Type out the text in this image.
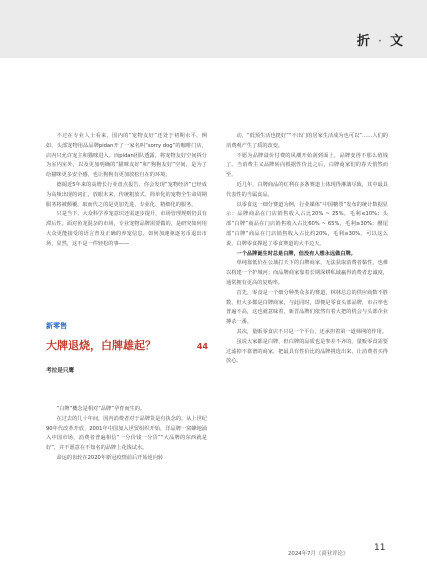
折 · 文

不过在专业人士看来，国内的“宠物友好”还处于初期水平。例如，头部宠物用品品牌pidan开了一家名叫“sorry dog”的咖啡门店，店内只允许宠主和猫咪进入。而pidan团队透露，将宠物友好空间拆分为室内室外，以及更加明确的“猫咪友好”和“狗狗友好”空间，是为了给猫咪更多安全感，也让狗狗有更加放松自在的环境。

德阔近5年来的高增长行业盘点报告，你会发现“宠物经济”已经成为高频出现的词汇，放眼未来，传统粗放式、简单化的宠物全生命周期服务将被颠覆，取而代之的是更加先进、专业化、精细化的服务。

只是当下，大众科学养宠意识还需逐步提升，市场管理规则仍具有滞后性。面对鱼龙混杂的市场，专业宠物品牌需要做的，是研究如何用大众更能接受的语言普及正确的养宠信息，如何加速驱逐劣币退出市场，显然，这不是一件轻松的事——

新零售
大牌退烧，白牌雄起？	44
考拉是只鹰

“白牌”概念是相对“品牌”孕育而生的。

在过去的几十年间，国内消费者对于品牌货是有执念的。从上世纪90年代改革开放、2001年中国加入世贸组织开始，洋品牌一窝蜂地涌入中国市场，消费者普遍相信“一分价钱一分货”“大品牌的东西就是好”，并不愿意在不知名的品牌上花钱试水。

命运的齿轮在2020年新冠疫情前后开始逆向转

动，“低预生活也挺好”“不出门的居家生活成为也可以”……人们的消费观产生了质的改变。

不愿为品牌溢价付费的风潮开始刮到面上，品牌变得不那么值钱了。当消费主义品牌转向根据性价比之后，白牌商家们的春天悄然而至。

近几年，白牌商品的红利在多条赛道上体现得淋漓尽致，其中最具代表性的当属食品。

以零食这一细分赛道为例，行业媒体“中国糖票”发布的统计数据显示：品牌商品在门店销售收入占比20% ~ 25%，毛利≤10%；头部“白牌”商品在门店销售收入占比60% ~ 65%，毛利≥30%；腰尾部“白牌”商品在门店销售收入占比约20%，毛利≥30%。可以这么说，白牌零食撑起了零食赛道的大半边天。

一个品牌诞生时总是白牌，但没有人想永远做白牌。

单纯靠低价在公域打天下的白牌商家，无法获取消费者黏性，也难以构建一个护城河；而品牌商家靠着长期深耕私域赢得消费者忠诚度，通常拥有更高的复购率。

首先，零食是一个细分种类众多的赛道，林林总总的供应商数不胜数，但大多都是白牌商家，与此同时，即便是零食头部品牌，市占率也普遍不高，这也就意味着，新晋品牌们依然有着大把的机会与头部企业搏杀一番。

其次，量贩零食店不只是一个平台，还承担着第一道筛网的作用。

虽说大家都是白牌，但白牌的品质也是参差不齐的。量贩零食需要过滤掉不靠谱的商家，把最具有性价比的品牌挑选出来，让消费者买得放心。

2024年7月《商业评论》
11
